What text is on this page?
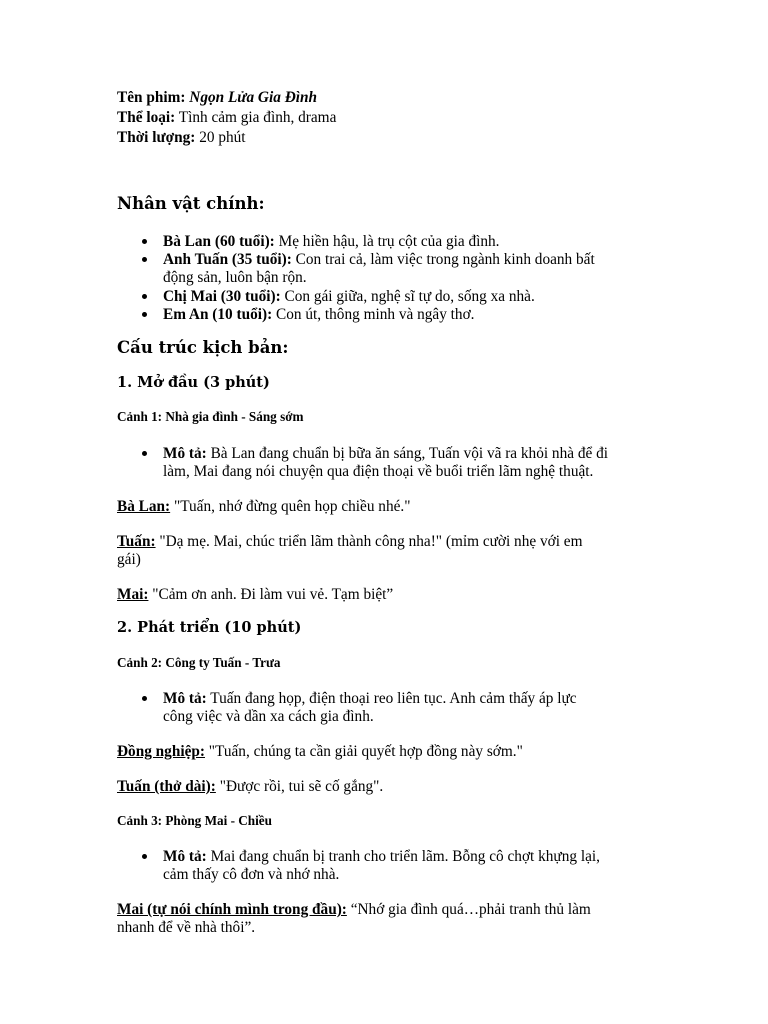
Tên phim: Ngọn Lửa Gia Đình
Thể loại: Tình cảm gia đình, drama
Thời lượng: 20 phút
Nhân vật chính:
Bà Lan (60 tuổi): Mẹ hiền hậu, là trụ cột của gia đình.
Anh Tuấn (35 tuổi): Con trai cả, làm việc trong ngành kinh doanh bất
động sản, luôn bận rộn.
Chị Mai (30 tuổi): Con gái giữa, nghệ sĩ tự do, sống xa nhà.
Em An (10 tuổi): Con út, thông minh và ngây thơ.
Cấu trúc kịch bản:
1. Mở đầu (3 phút)
Cảnh 1: Nhà gia đình - Sáng sớm
Mô tả: Bà Lan đang chuẩn bị bữa ăn sáng, Tuấn vội vã ra khỏi nhà để đi
làm, Mai đang nói chuyện qua điện thoại về buổi triển lãm nghệ thuật.
Bà Lan: "Tuấn, nhớ đừng quên họp chiều nhé."
Tuấn: "Dạ mẹ. Mai, chúc triển lãm thành công nha!" (mỉm cười nhẹ với em
gái)
Mai: "Cảm ơn anh. Đi làm vui vẻ. Tạm biệt”
2. Phát triển (10 phút)
Cảnh 2: Công ty Tuấn - Trưa
Mô tả: Tuấn đang họp, điện thoại reo liên tục. Anh cảm thấy áp lực
công việc và dần xa cách gia đình.
Đồng nghiệp: "Tuấn, chúng ta cần giải quyết hợp đồng này sớm."
Tuấn (thở dài): "Được rồi, tui sẽ cố gắng".
Cảnh 3: Phòng Mai - Chiều
Mô tả: Mai đang chuẩn bị tranh cho triển lãm. Bỗng cô chợt khựng lại,
cảm thấy cô đơn và nhớ nhà.
Mai (tự nói chính mình trong đầu): “Nhớ gia đình quá…phải tranh thủ làm
nhanh để về nhà thôi”.
